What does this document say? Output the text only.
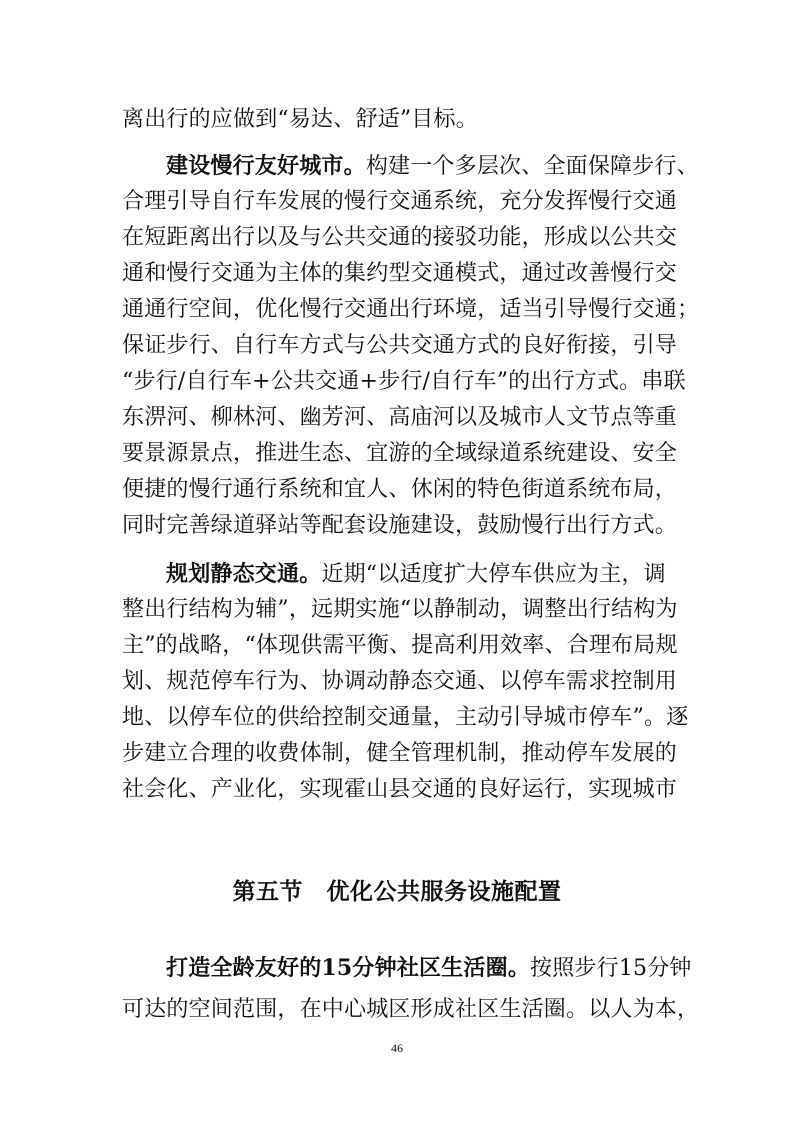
离出行的应做到“易达、舒适”目标。
建设慢行友好城市。构建一个多层次、全面保障步行、
合理引导自行车发展的慢行交通系统，充分发挥慢行交通
在短距离出行以及与公共交通的接驳功能，形成以公共交
通和慢行交通为主体的集约型交通模式，通过改善慢行交
通通行空间，优化慢行交通出行环境，适当引导慢行交通；
保证步行、自行车方式与公共交通方式的良好衔接，引导
“步行/自行车+公共交通+步行/自行车”的出行方式。串联
东淠河、柳林河、幽芳河、高庙河以及城市人文节点等重
要景源景点，推进生态、宜游的全域绿道系统建设、安全
便捷的慢行通行系统和宜人、休闲的特色街道系统布局，
同时完善绿道驿站等配套设施建设，鼓励慢行出行方式。
规划静态交通。近期“以适度扩大停车供应为主，调
整出行结构为辅”，远期实施“以静制动，调整出行结构为
主”的战略，“体现供需平衡、提高利用效率、合理布局规
划、规范停车行为、协调动静态交通、以停车需求控制用
地、以停车位的供给控制交通量，主动引导城市停车”。逐
步建立合理的收费体制，健全管理机制，推动停车发展的
社会化、产业化，实现霍山县交通的良好运行，实现城市
第五节　优化公共服务设施配置
打造全龄友好的15分钟社区生活圈。按照步行15分钟
可达的空间范围，在中心城区形成社区生活圈。以人为本，
46
